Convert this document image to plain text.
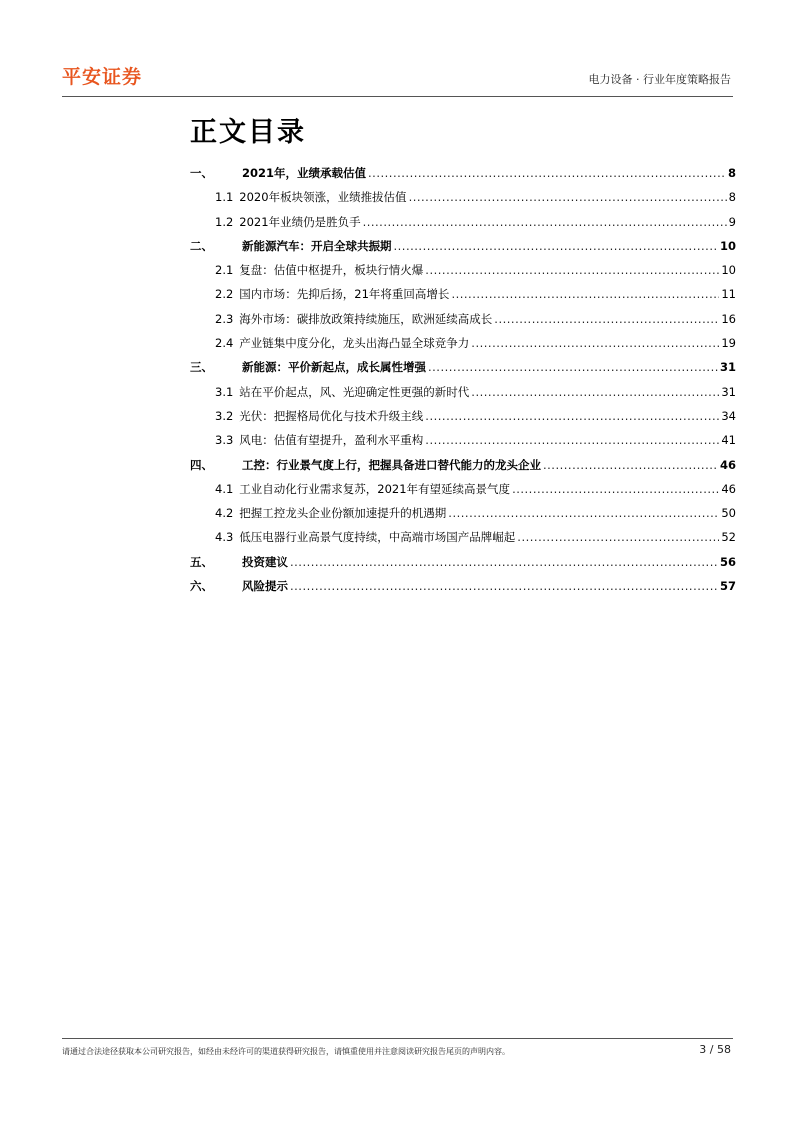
平安证券	电力设备 · 行业年度策略报告
正文目录
一、	2021年，业绩承载估值 .....	8
1.1 2020年板块领涨，业绩推拔估值 .....	8
1.2 2021年业绩仍是胜负手 .....	9
二、	新能源汽车：开启全球共振期 .....	10
2.1 复盘：估值中枢提升，板块行情火爆 .....	10
2.2 国内市场：先抑后扬，21年将重回高增长 .....	11
2.3 海外市场：碳排放政策持续施压，欧洲延续高成长 .....	16
2.4 产业链集中度分化，龙头出海凸显全球竞争力 .....	19
三、	新能源：平价新起点，成长属性增强 .....	31
3.1 站在平价起点，风、光迎确定性更强的新时代 .....	31
3.2 光伏：把握格局优化与技术升级主线 .....	34
3.3 风电：估值有望提升，盈利水平重构 .....	41
四、	工控：行业景气度上行，把握具备进口替代能力的龙头企业 .....	46
4.1 工业自动化行业需求复苏，2021年有望延续高景气度 .....	46
4.2 把握工控龙头企业份额加速提升的机遇期 .....	50
4.3 低压电器行业高景气度持续，中高端市场国产品牌崛起 .....	52
五、	投资建议 .....	56
六、	风险提示 .....	57
请通过合法途径获取本公司研究报告，如经由未经许可的渠道获得研究报告，请慎重使用并注意阅读研究报告尾页的声明内容。	3 / 58
